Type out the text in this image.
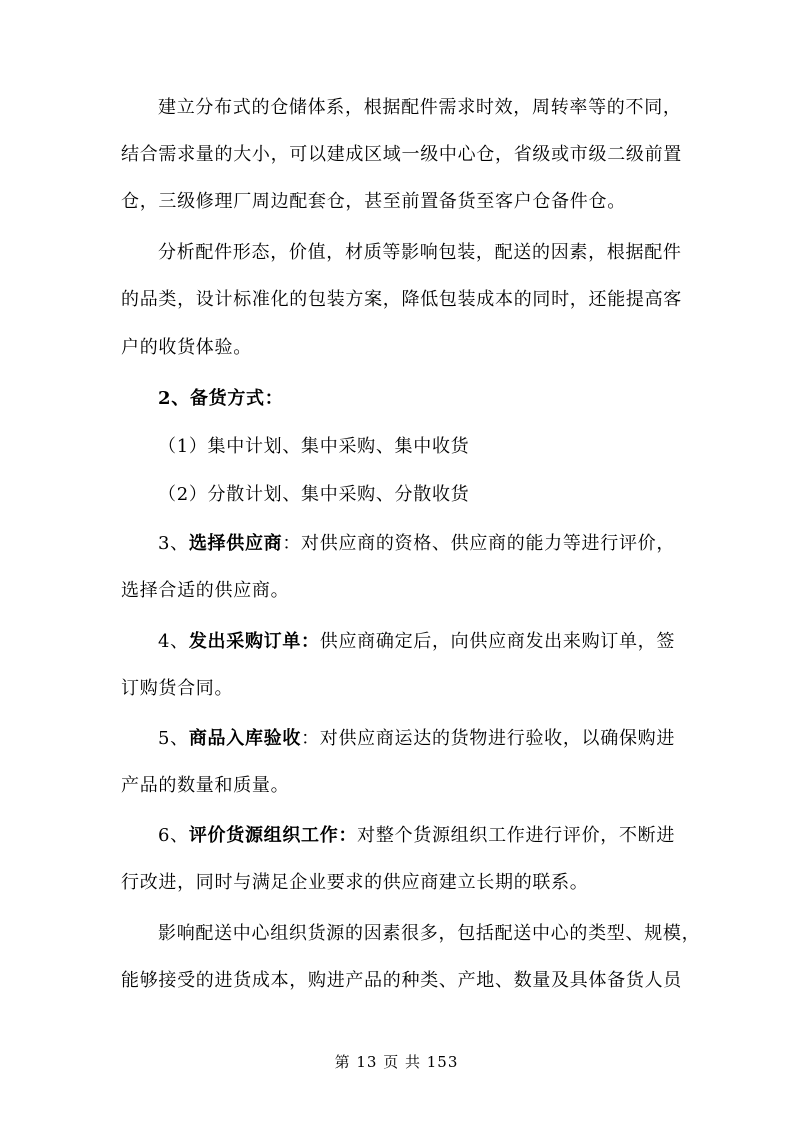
建立分布式的仓储体系，根据配件需求时效，周转率等的不同，
结合需求量的大小，可以建成区域一级中心仓，省级或市级二级前置
仓，三级修理厂周边配套仓，甚至前置备货至客户仓备件仓。
分析配件形态，价值，材质等影响包装，配送的因素，根据配件
的品类，设计标准化的包装方案，降低包装成本的同时，还能提高客
户的收货体验。
2、备货方式：
（1）集中计划、集中采购、集中收货
（2）分散计划、集中采购、分散收货
3、选择供应商：对供应商的资格、供应商的能力等进行评价，
选择合适的供应商。
4、发出采购订单：供应商确定后，向供应商发出来购订单，签
订购货合同。
5、商品入库验收：对供应商运达的货物进行验收，以确保购进
产品的数量和质量。
6、评价货源组织工作：对整个货源组织工作进行评价，不断进
行改进，同时与满足企业要求的供应商建立长期的联系。
影响配送中心组织货源的因素很多，包括配送中心的类型、规模，
能够接受的进货成本，购进产品的种类、产地、数量及具体备货人员
第 13 页 共 153
